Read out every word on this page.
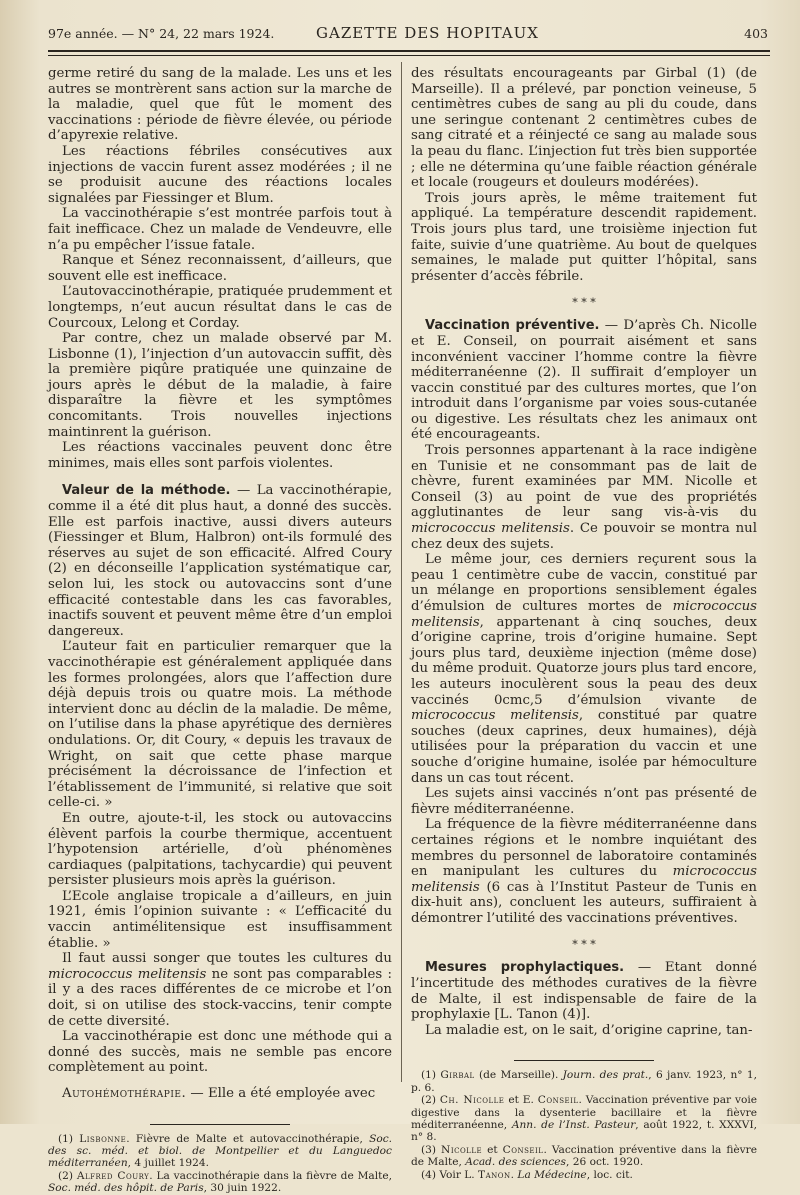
97e année. — N° 24, 22 mars 1924.	GAZETTE DES HOPITAUX	403

germe retiré du sang de la malade. Les uns et les autres se montrèrent sans action sur la marche de la maladie, quel que fût le moment des vaccinations : période de fièvre élevée, ou période d’apyrexie relative.

Les réactions fébriles consécutives aux injections de vaccin furent assez modérées ; il ne se produisit aucune des réactions locales signalées par Fiessinger et Blum.

La vaccinothérapie s’est montrée parfois tout à fait inefficace. Chez un malade de Vendeuvre, elle n’a pu empêcher l’issue fatale.

Ranque et Sénez reconnaissent, d’ailleurs, que souvent elle est inefficace.

L’autovaccinothérapie, pratiquée prudemment et longtemps, n’eut aucun résultat dans le cas de Courcoux, Lelong et Corday.

Par contre, chez un malade observé par M. Lisbonne (1), l’injection d’un autovaccin suffit, dès la première piqûre pratiquée une quinzaine de jours après le début de la maladie, à faire disparaître la fièvre et les symptômes concomitants. Trois nouvelles injections maintinrent la guérison.

Les réactions vaccinales peuvent donc être minimes, mais elles sont parfois violentes.

Valeur de la méthode. — La vaccinothérapie, comme il a été dit plus haut, a donné des succès. Elle est parfois inactive, aussi divers auteurs (Fiessinger et Blum, Halbron) ont-ils formulé des réserves au sujet de son efficacité. Alfred Coury (2) en déconseille l’application systématique car, selon lui, les stock ou autovaccins sont d’une efficacité contestable dans les cas favorables, inactifs souvent et peuvent même être d’un emploi dangereux.

L’auteur fait en particulier remarquer que la vaccinothérapie est généralement appliquée dans les formes prolongées, alors que l’affection dure déjà depuis trois ou quatre mois. La méthode intervient donc au déclin de la maladie. De même, on l’utilise dans la phase apyrétique des dernières ondulations. Or, dit Coury, « depuis les travaux de Wright, on sait que cette phase marque précisément la décroissance de l’infection et l’établissement de l’immunité, si relative que soit celle-ci. »

En outre, ajoute-t-il, les stock ou autovaccins élèvent parfois la courbe thermique, accentuent l’hypotension artérielle, d’où phénomènes cardiaques (palpitations, tachycardie) qui peuvent persister plusieurs mois après la guérison.

L’Ecole anglaise tropicale a d’ailleurs, en juin 1921, émis l’opinion suivante : « L’efficacité du vaccin antimélitensique est insuffisamment établie. »

Il faut aussi songer que toutes les cultures du micrococcus melitensis ne sont pas comparables : il y a des races différentes de ce microbe et l’on doit, si on utilise des stock-vaccins, tenir compte de cette diversité.

La vaccinothérapie est donc une méthode qui a donné des succès, mais ne semble pas encore complètement au point.

Autohémothérapie. — Elle a été employée avec

(1) Lisbonne. Fièvre de Malte et autovaccinothérapie, Soc. des sc. méd. et biol. de Montpellier et du Languedoc méditerranéen, 4 juillet 1924.

(2) Alfred Coury. La vaccinothérapie dans la fièvre de Malte, Soc. méd. des hôpit. de Paris, 30 juin 1922.

des résultats encourageants par Girbal (1) (de Marseille). Il a prélevé, par ponction veineuse, 5 centimètres cubes de sang au pli du coude, dans une seringue contenant 2 centimètres cubes de sang citraté et a réinjecté ce sang au malade sous la peau du flanc. L’injection fut très bien supportée ; elle ne détermina qu’une faible réaction générale et locale (rougeurs et douleurs modérées).

Trois jours après, le même traitement fut appliqué. La température descendit rapidement. Trois jours plus tard, une troisième injection fut faite, suivie d’une quatrième. Au bout de quelques semaines, le malade put quitter l’hôpital, sans présenter d’accès fébrile.

* * *

Vaccination préventive. — D’après Ch. Nicolle et E. Conseil, on pourrait aisément et sans inconvénient vacciner l’homme contre la fièvre méditerranéenne (2). Il suffirait d’employer un vaccin constitué par des cultures mortes, que l’on introduit dans l’organisme par voies sous-cutanée ou digestive. Les résultats chez les animaux ont été encourageants.

Trois personnes appartenant à la race indigène en Tunisie et ne consommant pas de lait de chèvre, furent examinées par MM. Nicolle et Conseil (3) au point de vue des propriétés agglutinantes de leur sang vis-à-vis du micrococcus melitensis. Ce pouvoir se montra nul chez deux des sujets.

Le même jour, ces derniers reçurent sous la peau 1 centimètre cube de vaccin, constitué par un mélange en proportions sensiblement égales d’émulsion de cultures mortes de micrococcus melitensis, appartenant à cinq souches, deux d’origine caprine, trois d’origine humaine. Sept jours plus tard, deuxième injection (même dose) du même produit. Quatorze jours plus tard encore, les auteurs inoculèrent sous la peau des deux vaccinés 0cmc,5 d’émulsion vivante de micrococcus melitensis, constitué par quatre souches (deux caprines, deux humaines), déjà utilisées pour la préparation du vaccin et une souche d’origine humaine, isolée par hémoculture dans un cas tout récent.

Les sujets ainsi vaccinés n’ont pas présenté de fièvre méditerranéenne.

La fréquence de la fièvre méditerranéenne dans certaines régions et le nombre inquiétant des membres du personnel de laboratoire contaminés en manipulant les cultures du micrococcus melitensis (6 cas à l’Institut Pasteur de Tunis en dix-huit ans), concluent les auteurs, suffiraient à démontrer l’utilité des vaccinations préventives.

* * *

Mesures prophylactiques. — Etant donné l’incertitude des méthodes curatives de la fièvre de Malte, il est indispensable de faire de la prophylaxie [L. Tanon (4)].

La maladie est, on le sait, d’origine caprine, tan-

(1) Girbal (de Marseille). Journ. des prat., 6 janv. 1923, n° 1, p. 6.

(2) Ch. Nicolle et E. Conseil. Vaccination préventive par voie digestive dans la dysenterie bacillaire et la fièvre méditerranéenne, Ann. de l’Inst. Pasteur, août 1922, t. XXXVI, n° 8.

(3) Nicolle et Conseil. Vaccination préventive dans la fièvre de Malte, Acad. des sciences, 26 oct. 1920.

(4) Voir L. Tanon. La Médecine, loc. cit.
